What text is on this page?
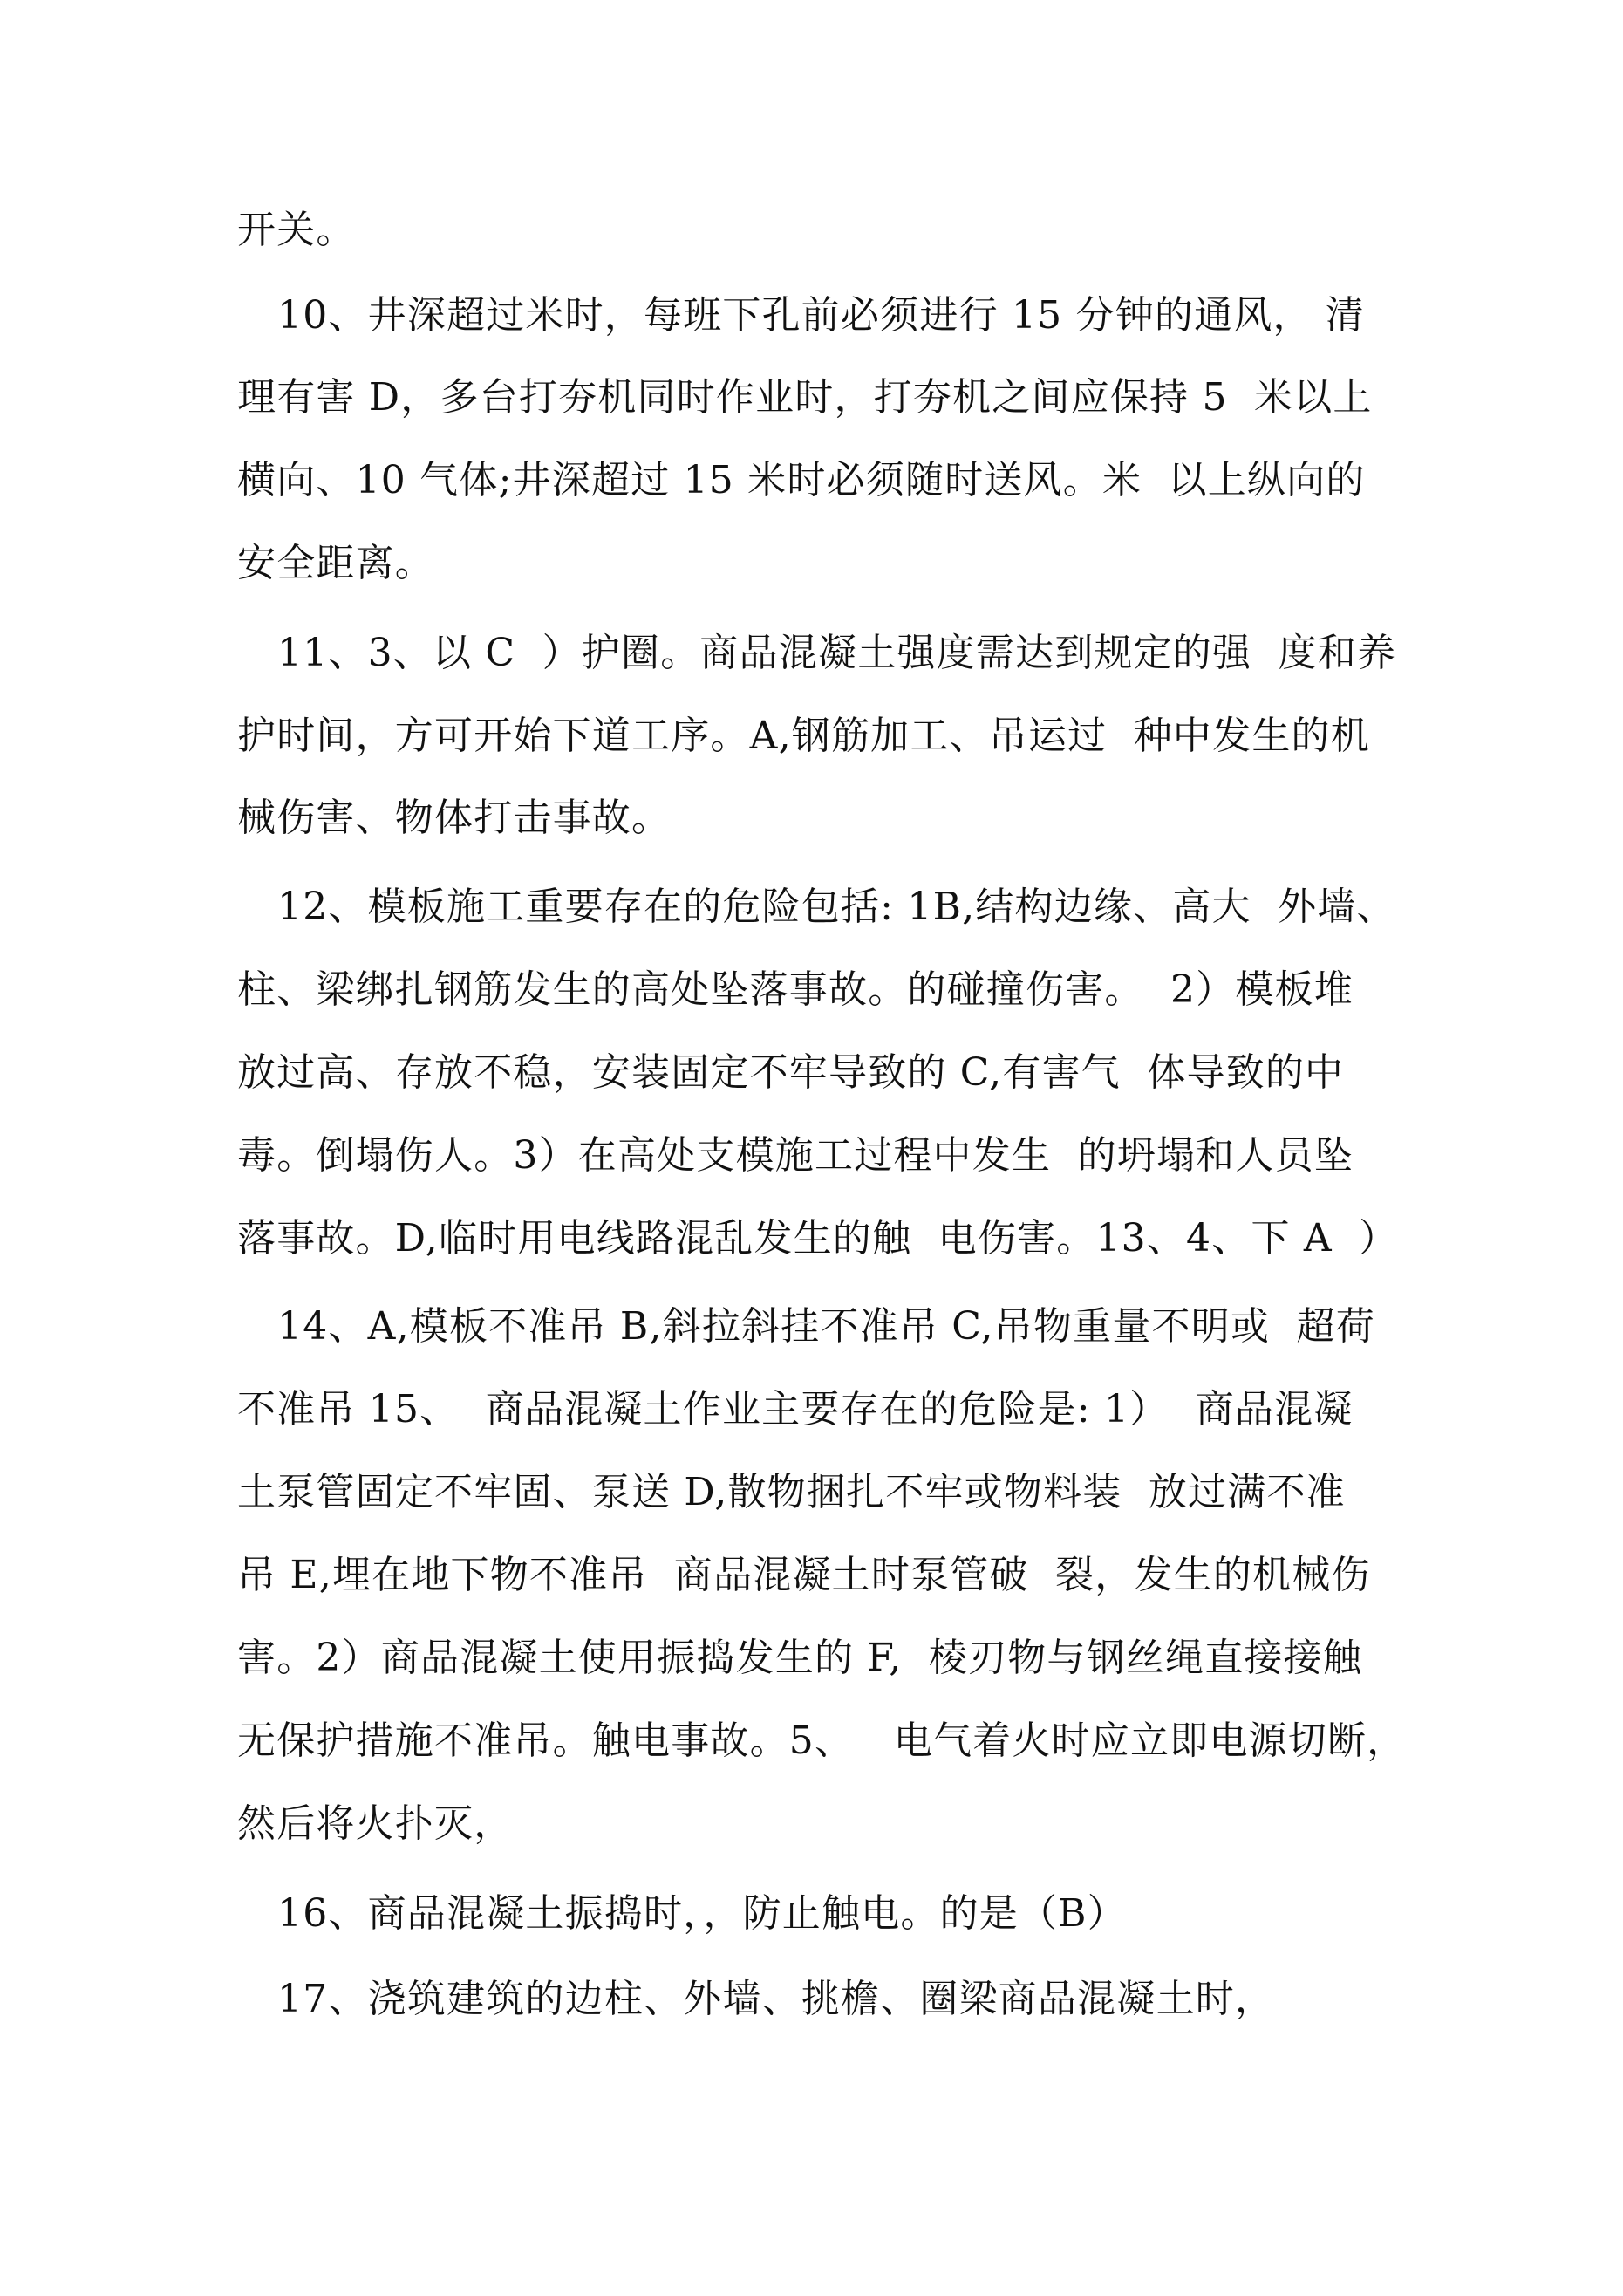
开关。
10、井深超过米时，每班下孔前必须进行 15 分钟的通风， 清
理有害 D，多台打夯机同时作业时，打夯机之间应保持 5  米以上
横向、10 气体;井深超过 15 米时必须随时送风。米  以上纵向的
安全距离。
11、3、以 C  ）护圈。商品混凝土强度需达到规定的强  度和养
护时间，方可开始下道工序。A,钢筋加工、吊运过  种中发生的机
械伤害、物体打击事故。
12、模板施工重要存在的危险包括: 1B,结构边缘、高大  外墙、
柱、梁绑扎钢筋发生的高处坠落事故。的碰撞伤害。  2）模板堆
放过高、存放不稳，安装固定不牢导致的 C,有害气  体导致的中
毒。倒塌伤人。3）在高处支模施工过程中发生  的坍塌和人员坠
落事故。D,临时用电线路混乱发生的触  电伤害。13、4、下 A  ）
14、A,模板不准吊 B,斜拉斜挂不准吊 C,吊物重量不明或  超荷
不准吊 15、  商品混凝土作业主要存在的危险是: 1）  商品混凝
土泵管固定不牢固、泵送 D,散物捆扎不牢或物料装  放过满不准
吊 E,埋在地下物不准吊  商品混凝土时泵管破  裂，发生的机械伤
害。2）商品混凝土使用振捣发生的 F,  棱刃物与钢丝绳直接接触
无保护措施不准吊。触电事故。5、   电气着火时应立即电源切断，
然后将火扑灭，
16、商品混凝土振捣时，，防止触电。的是（B）
17、浇筑建筑的边柱、外墙、挑檐、圈梁商品混凝土时，
